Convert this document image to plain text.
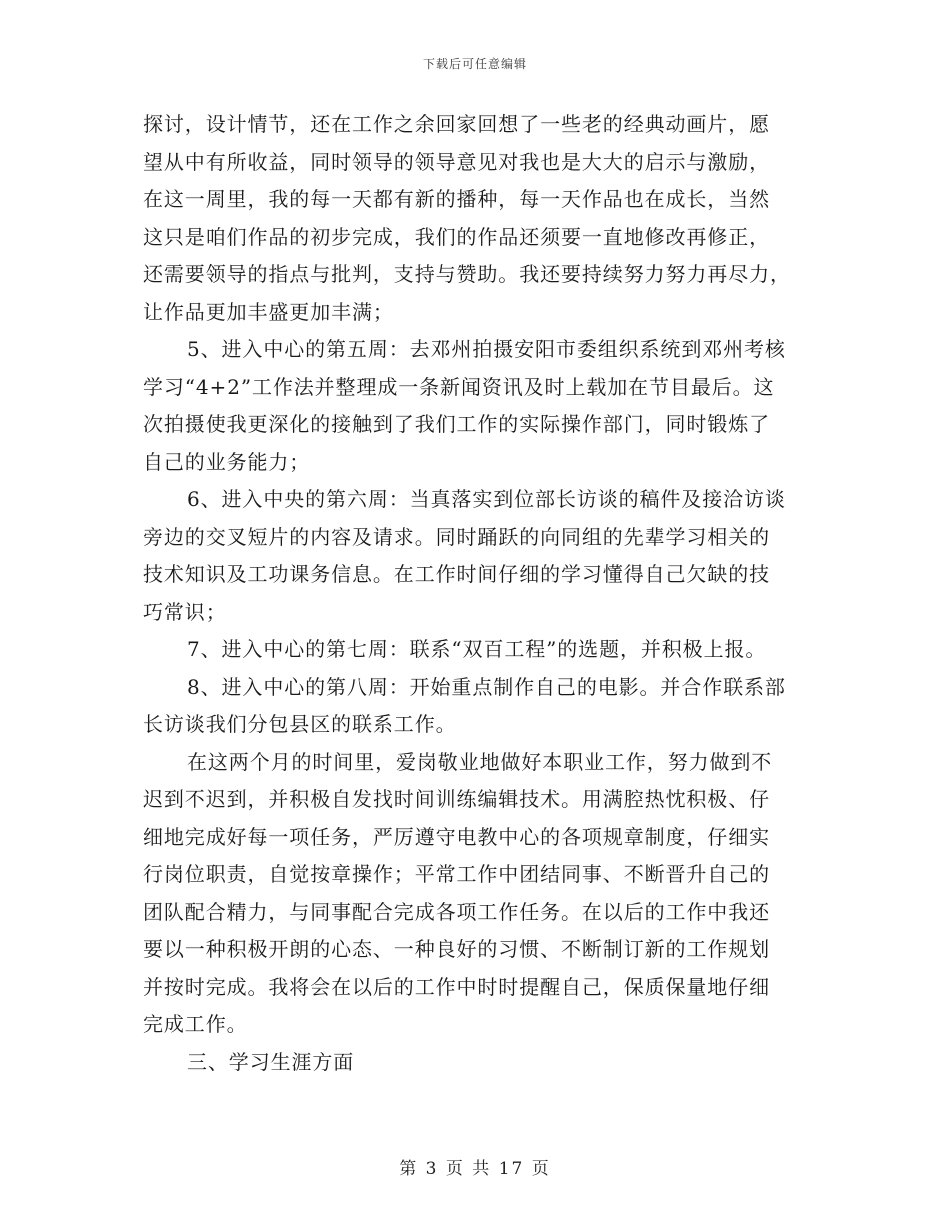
下载后可任意编辑
探讨，设计情节，还在工作之余回家回想了一些老的经典动画片，愿
望从中有所收益，同时领导的领导意见对我也是大大的启示与激励，
在这一周里，我的每一天都有新的播种，每一天作品也在成长，当然
这只是咱们作品的初步完成，我们的作品还须要一直地修改再修正，
还需要领导的指点与批判，支持与赞助。我还要持续努力努力再尽力，
让作品更加丰盛更加丰满；
5、进入中心的第五周：去邓州拍摄安阳市委组织系统到邓州考核
学习“4+2”工作法并整理成一条新闻资讯及时上载加在节目最后。这
次拍摄使我更深化的接触到了我们工作的实际操作部门，同时锻炼了
自己的业务能力；
6、进入中央的第六周：当真落实到位部长访谈的稿件及接洽访谈
旁边的交叉短片的内容及请求。同时踊跃的向同组的先辈学习相关的
技术知识及工功课务信息。在工作时间仔细的学习懂得自己欠缺的技
巧常识；
7、进入中心的第七周：联系“双百工程”的选题，并积极上报。
8、进入中心的第八周：开始重点制作自己的电影。并合作联系部
长访谈我们分包县区的联系工作。
在这两个月的时间里，爱岗敬业地做好本职业工作，努力做到不
迟到不迟到，并积极自发找时间训练编辑技术。用满腔热忱积极、仔
细地完成好每一项任务，严厉遵守电教中心的各项规章制度，仔细实
行岗位职责，自觉按章操作；平常工作中团结同事、不断晋升自己的
团队配合精力，与同事配合完成各项工作任务。在以后的工作中我还
要以一种积极开朗的心态、一种良好的习惯、不断制订新的工作规划
并按时完成。我将会在以后的工作中时时提醒自己，保质保量地仔细
完成工作。
三、学习生涯方面
第 3 页 共 17 页
